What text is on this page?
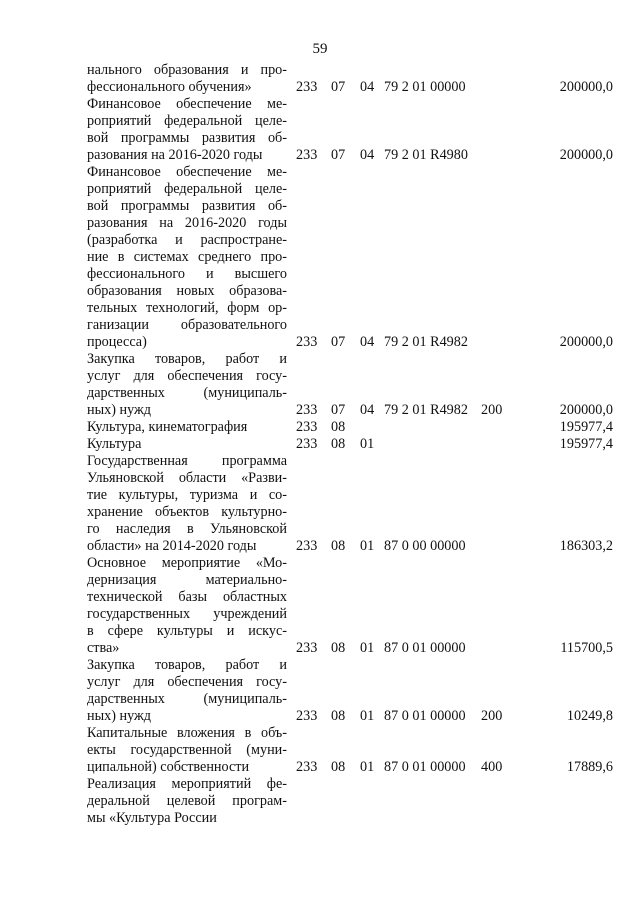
59
нального образования и про-
фессионального обучения»	233 07 04 79 2 01 00000	200000,0
Финансовое обеспечение ме-
роприятий федеральной целе-
вой программы развития об-
разования на 2016-2020 годы	233 07 04 79 2 01 R4980	200000,0
Финансовое обеспечение ме-
роприятий федеральной целе-
вой программы развития об-
разования на 2016-2020 годы
(разработка и распростране-
ние в системах среднего про-
фессионального и высшего
образования новых образова-
тельных технологий, форм ор-
ганизации образовательного
процесса)	233 07 04 79 2 01 R4982	200000,0
Закупка товаров, работ и
услуг для обеспечения госу-
дарственных (муниципаль-
ных) нужд	233 07 04 79 2 01 R4982 200	200000,0
Культура, кинематография	233 08	195977,4
Культура	233 08 01	195977,4
Государственная программа
Ульяновской области «Разви-
тие культуры, туризма и со-
хранение объектов культурно-
го наследия в Ульяновской
области» на 2014-2020 годы	233 08 01 87 0 00 00000	186303,2
Основное мероприятие «Мо-
дернизация материально-
технической базы областных
государственных учреждений
в сфере культуры и искус-
ства»	233 08 01 87 0 01 00000	115700,5
Закупка товаров, работ и
услуг для обеспечения госу-
дарственных (муниципаль-
ных) нужд	233 08 01 87 0 01 00000 200	10249,8
Капитальные вложения в объ-
екты государственной (муни-
ципальной) собственности	233 08 01 87 0 01 00000 400	17889,6
Реализация мероприятий фе-
деральной целевой програм-
мы «Культура России
